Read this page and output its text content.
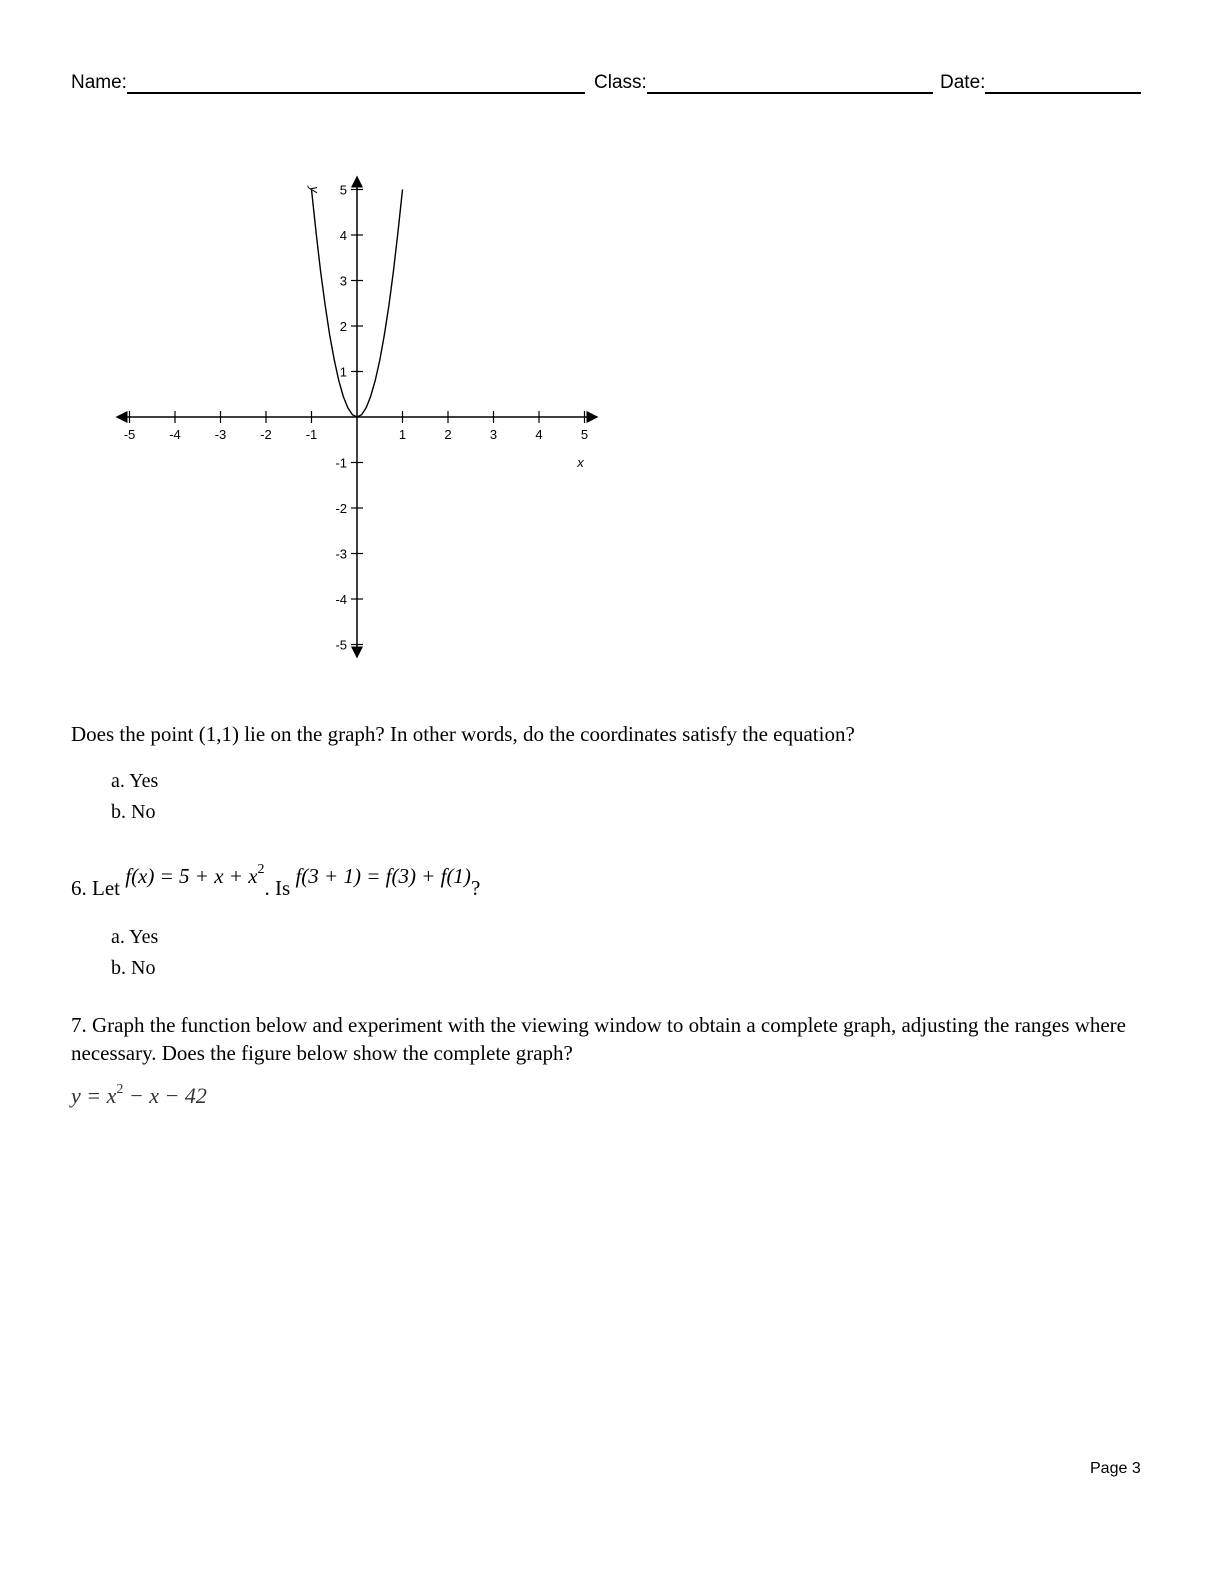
Name:	Class:	Date:
-5	-4	-3	-2	-1	1	2	3	4	5
5
4
3
2
1
-1
-2
-3
-4
-5
x
y
Does the point (1,1) lie on the graph? In other words, do the coordinates satisfy the equation?
a. Yes
b. No
6. Let $f(x) = 5 + x + x^2$. Is f(3 + 1) = f(3) + f(1)?
a. Yes
b. No
7. Graph the function below and experiment with the viewing window to obtain a complete graph, adjusting the ranges where necessary. Does the figure below show the complete graph?
$y = x^2 - x - 42$
Page 3
